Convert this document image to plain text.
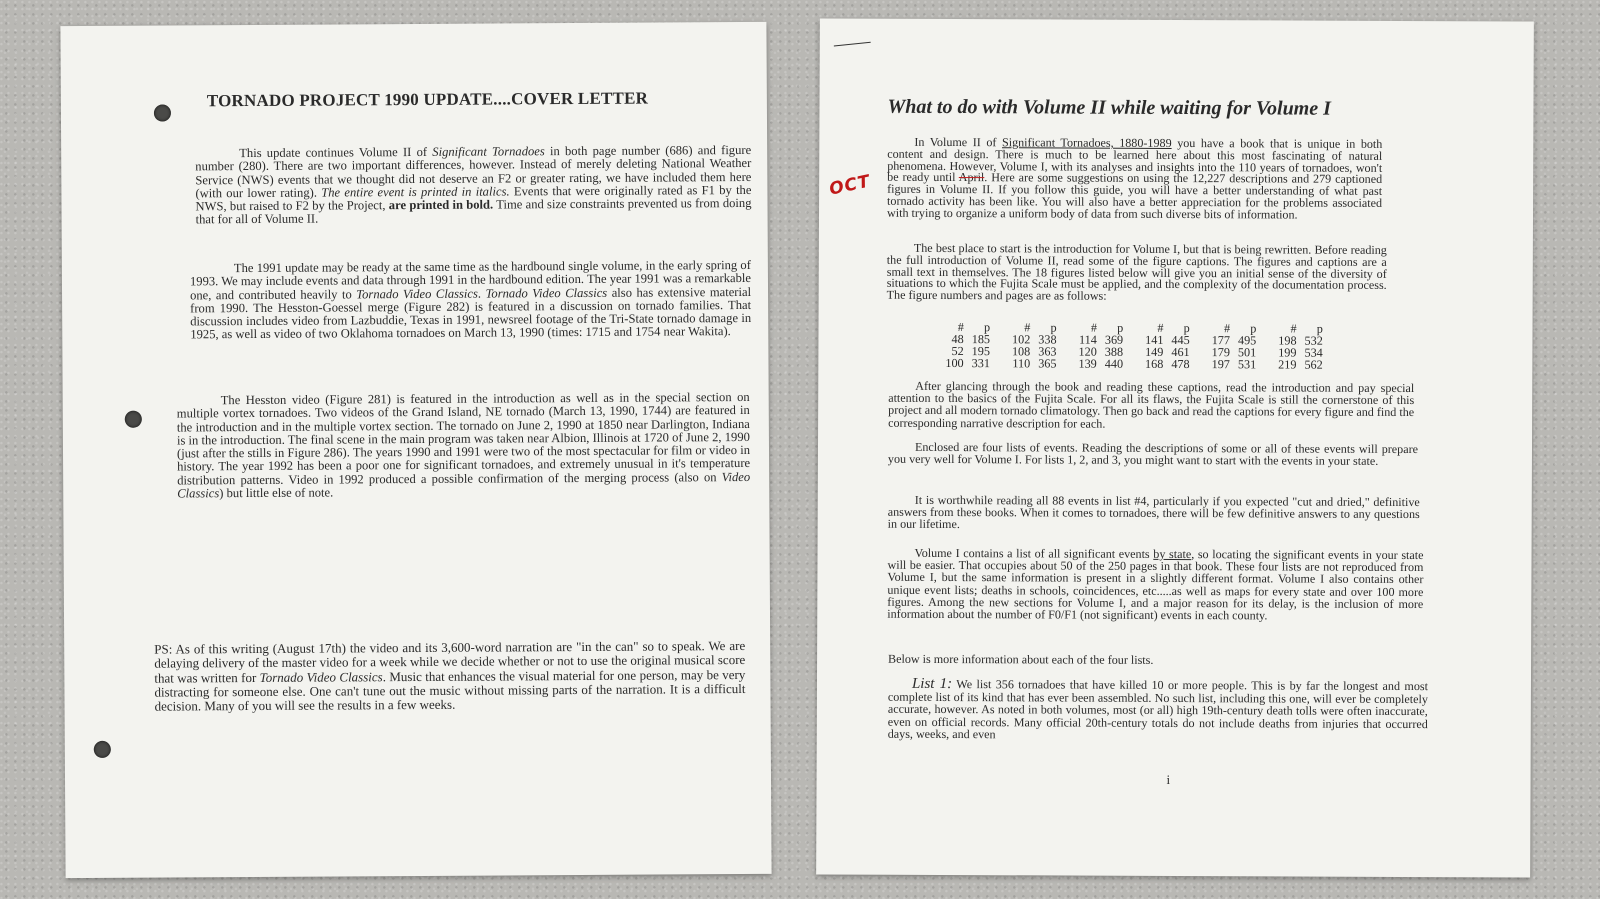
TORNADO PROJECT 1990 UPDATE....COVER LETTER

This update continues Volume II of Significant Tornadoes in both page number (686) and figure number (280). There are two important differences, however. Instead of merely deleting National Weather Service (NWS) events that we thought did not deserve an F2 or greater rating, we have included them here (with our lower rating). The entire event is printed in italics. Events that were originally rated as F1 by the NWS, but raised to F2 by the Project, are printed in bold. Time and size constraints prevented us from doing that for all of Volume II.

The 1991 update may be ready at the same time as the hardbound single volume, in the early spring of 1993. We may include events and data through 1991 in the hardbound edition. The year 1991 was a remarkable one, and contributed heavily to Tornado Video Classics. Tornado Video Classics also has extensive material from 1990. The Hesston-Goessel merge (Figure 282) is featured in a discussion on tornado families. That discussion includes video from Lazbuddie, Texas in 1991, newsreel footage of the Tri-State tornado damage in 1925, as well as video of two Oklahoma tornadoes on March 13, 1990 (times: 1715 and 1754 near Wakita).

The Hesston video (Figure 281) is featured in the introduction as well as in the special section on multiple vortex tornadoes. Two videos of the Grand Island, NE tornado (March 13, 1990, 1744) are featured in the introduction and in the multiple vortex section. The tornado on June 2, 1990 at 1850 near Darlington, Indiana is in the introduction. The final scene in the main program was taken near Albion, Illinois at 1720 of June 2, 1990 (just after the stills in Figure 286). The years 1990 and 1991 were two of the most spectacular for film or video in history. The year 1992 has been a poor one for significant tornadoes, and extremely unusual in it's temperature distribution patterns. Video in 1992 produced a possible confirmation of the merging process (also on Video Classics) but little else of note.

PS: As of this writing (August 17th) the video and its 3,600-word narration are "in the can" so to speak. We are delaying delivery of the master video for a week while we decide whether or not to use the original musical score that was written for Tornado Video Classics. Music that enhances the visual material for one person, may be very distracting for someone else. One can't tune out the music without missing parts of the narration. It is a difficult decision. Many of you will see the results in a few weeks.

OCT
What to do with Volume II while waiting for Volume I

In Volume II of Significant Tornadoes, 1880-1989 you have a book that is unique in both content and design. There is much to be learned here about this most fascinating of natural phenomena. However, Volume I, with its analyses and insights into the 110 years of tornadoes, won't be ready until April. Here are some suggestions on using the 12,227 descriptions and 279 captioned figures in Volume II. If you follow this guide, you will have a better understanding of what past tornado activity has been like. You will also have a better appreciation for the problems associated with trying to organize a uniform body of data from such diverse bits of information.

The best place to start is the introduction for Volume I, but that is being rewritten. Before reading the full introduction of Volume II, read some of the figure captions. The figures and captions are a small text in themselves. The 18 figures listed below will give you an initial sense of the diversity of situations to which the Fujita Scale must be applied, and the complexity of the documentation process. The figure numbers and pages are as follows:

#	p		#	p		#	p		#	p		#	p		#	p
48	185		102	338		114	369		141	445		177	495		198	532
52	195		108	363		120	388		149	461		179	501		199	534
100	331		110	365		139	440		168	478		197	531		219	562

After glancing through the book and reading these captions, read the introduction and pay special attention to the basics of the Fujita Scale. For all its flaws, the Fujita Scale is still the cornerstone of this project and all modern tornado climatology. Then go back and read the captions for every figure and find the corresponding narrative description for each.

Enclosed are four lists of events. Reading the descriptions of some or all of these events will prepare you very well for Volume I. For lists 1, 2, and 3, you might want to start with the events in your state.

It is worthwhile reading all 88 events in list #4, particularly if you expected "cut and dried," definitive answers from these books. When it comes to tornadoes, there will be few definitive answers to any questions in our lifetime.

Volume I contains a list of all significant events by state, so locating the significant events in your state will be easier. That occupies about 50 of the 250 pages in that book. These four lists are not reproduced from Volume I, but the same information is present in a slightly different format. Volume I also contains other unique event lists; deaths in schools, coincidences, etc.....as well as maps for every state and over 100 more figures. Among the new sections for Volume I, and a major reason for its delay, is the inclusion of more information about the number of F0/F1 (not significant) events in each county.

Below is more information about each of the four lists.

List 1: We list 356 tornadoes that have killed 10 or more people. This is by far the longest and most complete list of its kind that has ever been assembled. No such list, including this one, will ever be completely accurate, however. As noted in both volumes, most (or all) high 19th-century death tolls were often inaccurate, even on official records. Many official 20th-century totals do not include deaths from injuries that occurred days, weeks, and even

i
